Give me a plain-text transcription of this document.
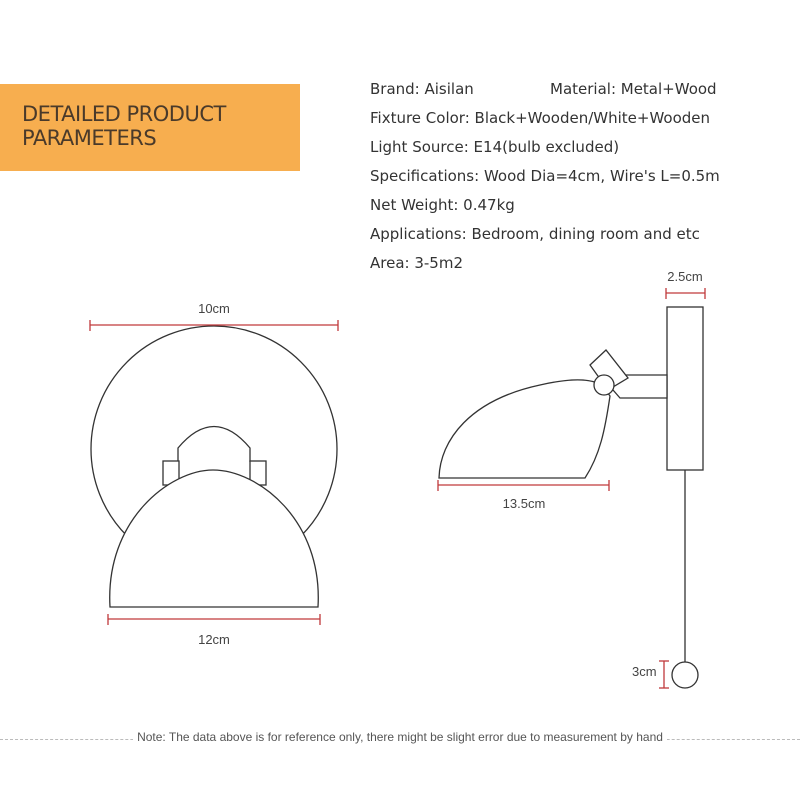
DETAILED PRODUCT PARAMETERS
Brand: Aisilan	Material: Metal+Wood
Fixture Color: Black+Wooden/White+Wooden
Light Source: E14(bulb excluded)
Specifications: Wood Dia=4cm, Wire's L=0.5m
Net Weight: 0.47kg
Applications: Bedroom, dining room and etc
Area: 3-5m2
10cm
12cm
2.5cm
13.5cm
3cm
Note: The data above is for reference only, there might be slight error due to measurement by hand
